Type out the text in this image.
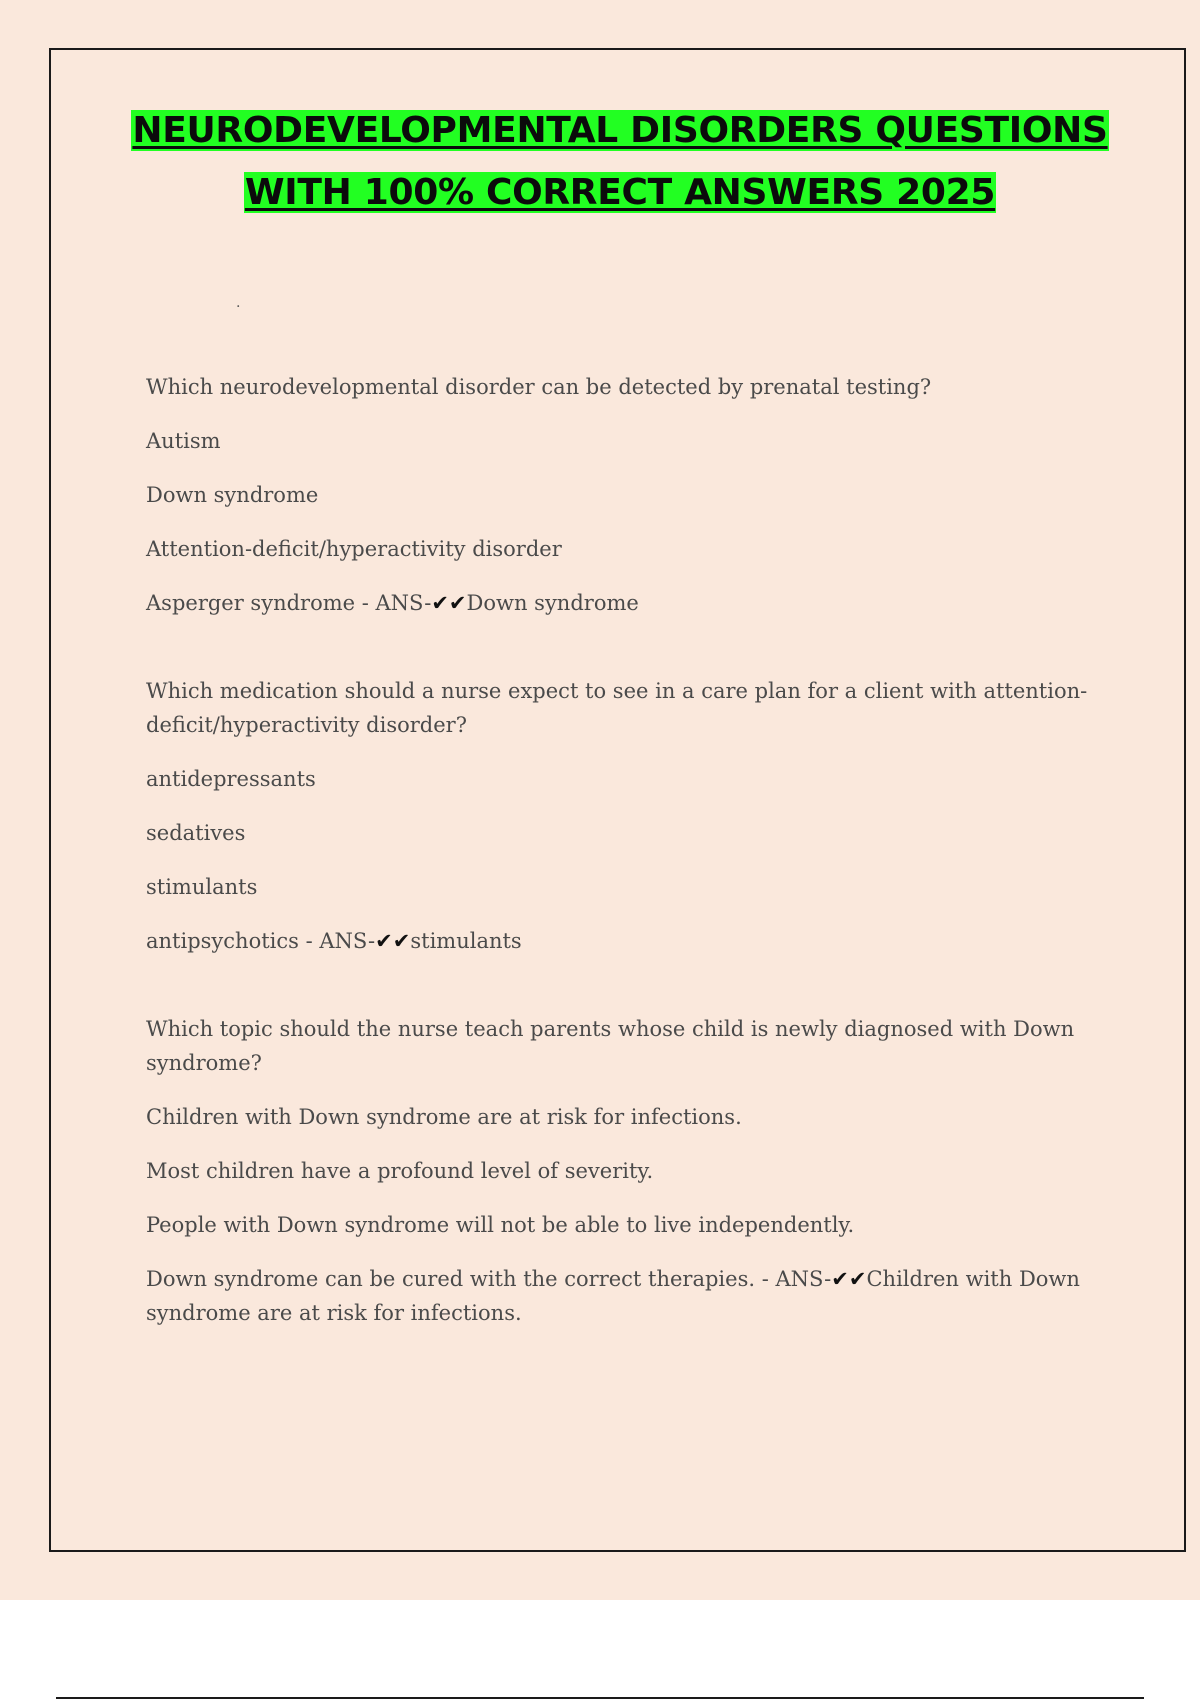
NEURODEVELOPMENTAL DISORDERS QUESTIONS
WITH 100% CORRECT ANSWERS 2025
.

Which neurodevelopmental disorder can be detected by prenatal testing?

Autism

Down syndrome

Attention-deficit/hyperactivity disorder

Asperger syndrome - ANS-✔✔Down syndrome

Which medication should a nurse expect to see in a care plan for a client with attention-deficit/hyperactivity disorder?

antidepressants

sedatives

stimulants

antipsychotics - ANS-✔✔stimulants

Which topic should the nurse teach parents whose child is newly diagnosed with Down syndrome?

Children with Down syndrome are at risk for infections.

Most children have a profound level of severity.

People with Down syndrome will not be able to live independently.

Down syndrome can be cured with the correct therapies. - ANS-✔✔Children with Down syndrome are at risk for infections.
